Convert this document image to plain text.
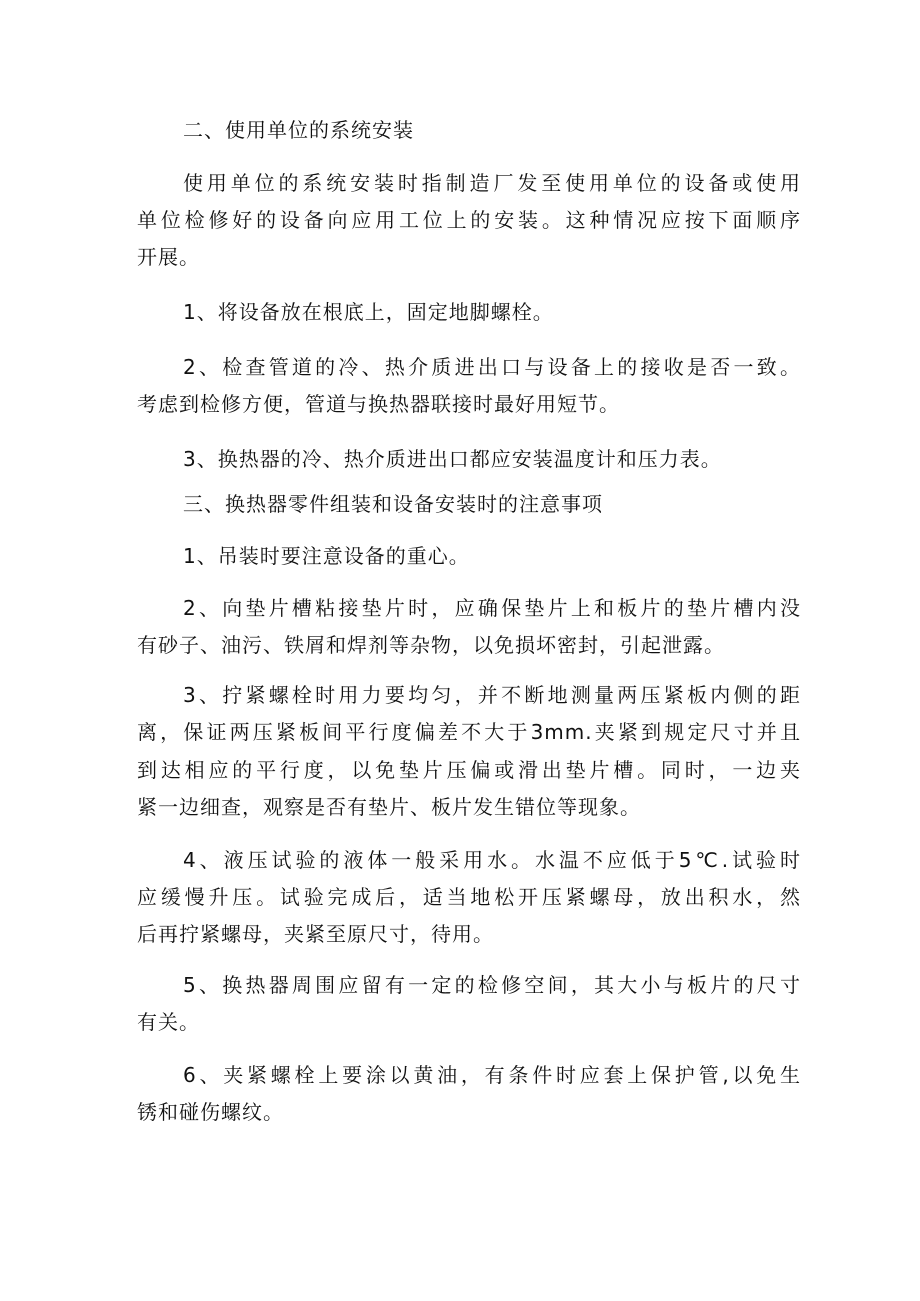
二、使用单位的系统安装
使用单位的系统安装时指制造厂发至使用单位的设备或使用
单位检修好的设备向应用工位上的安装。这种情况应按下面顺序
开展。
1、将设备放在根底上，固定地脚螺栓。
2、检查管道的冷、热介质进出口与设备上的接收是否一致。
考虑到检修方便，管道与换热器联接时最好用短节。
3、换热器的冷、热介质进出口都应安装温度计和压力表。
三、换热器零件组装和设备安装时的注意事项
1、吊装时要注意设备的重心。
2、向垫片槽粘接垫片时，应确保垫片上和板片的垫片槽内没
有砂子、油污、铁屑和焊剂等杂物，以免损坏密封，引起泄露。
3、拧紧螺栓时用力要均匀，并不断地测量两压紧板内侧的距
离，保证两压紧板间平行度偏差不大于3mm.夹紧到规定尺寸并且
到达相应的平行度，以免垫片压偏或滑出垫片槽。同时，一边夹
紧一边细查，观察是否有垫片、板片发生错位等现象。
4、液压试验的液体一般采用水。水温不应低于5℃.试验时
应缓慢升压。试验完成后，适当地松开压紧螺母，放出积水，然
后再拧紧螺母，夹紧至原尺寸，待用。
5、换热器周围应留有一定的检修空间，其大小与板片的尺寸
有关。
6、夹紧螺栓上要涂以黄油，有条件时应套上保护管,以免生
锈和碰伤螺纹。
